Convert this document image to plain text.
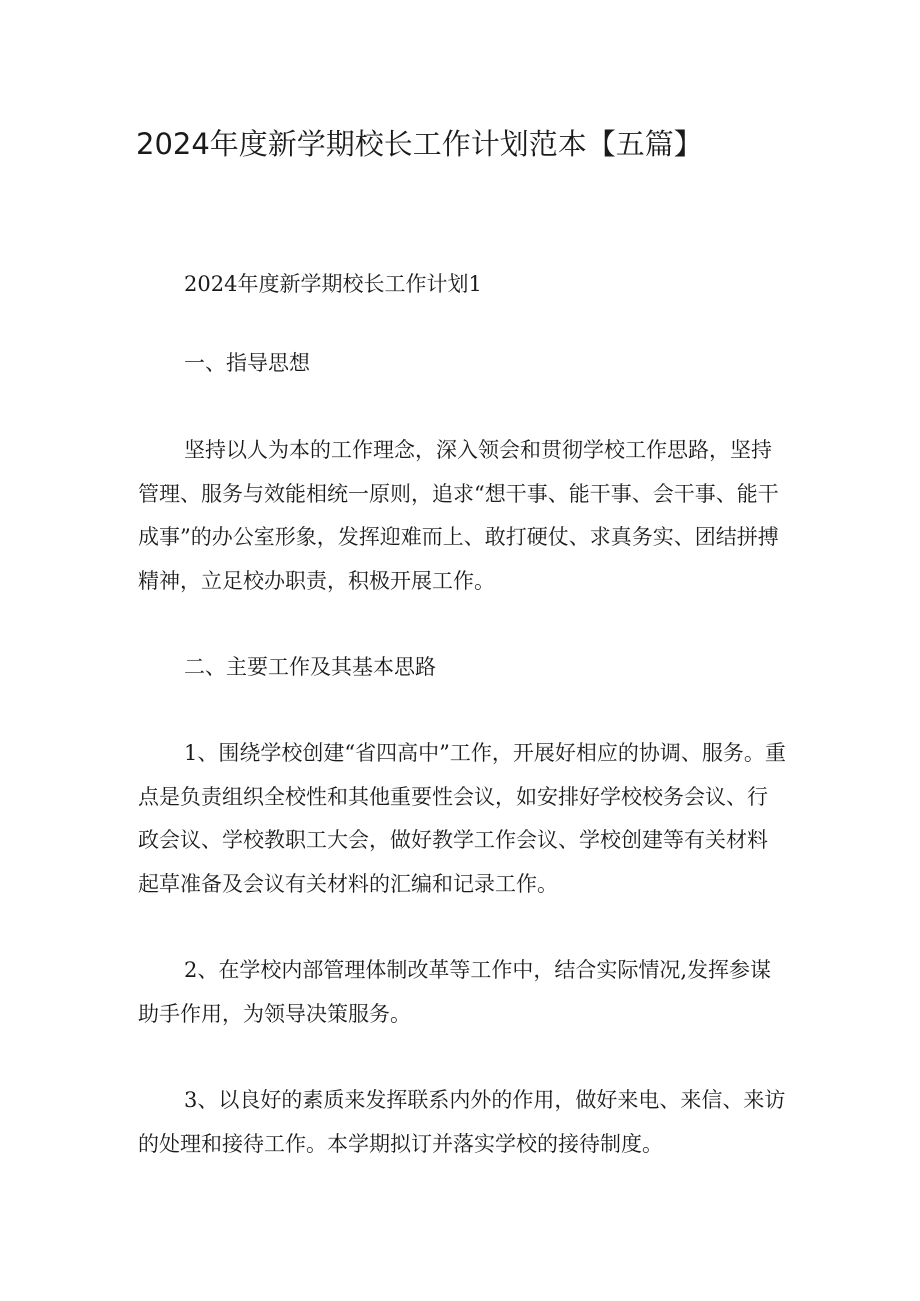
2024年度新学期校长工作计划范本【五篇】

2024年度新学期校长工作计划1

一、指导思想

坚持以人为本的工作理念，深入领会和贯彻学校工作思路，坚持管理、服务与效能相统一原则，追求“想干事、能干事、会干事、能干成事”的办公室形象，发挥迎难而上、敢打硬仗、求真务实、团结拼搏精神，立足校办职责，积极开展工作。

二、主要工作及其基本思路

1、围绕学校创建“省四高中”工作，开展好相应的协调、服务。重点是负责组织全校性和其他重要性会议，如安排好学校校务会议、行政会议、学校教职工大会，做好教学工作会议、学校创建等有关材料起草准备及会议有关材料的汇编和记录工作。

2、在学校内部管理体制改革等工作中，结合实际情况,发挥参谋助手作用，为领导决策服务。

3、以良好的素质来发挥联系内外的作用，做好来电、来信、来访的处理和接待工作。本学期拟订并落实学校的接待制度。
